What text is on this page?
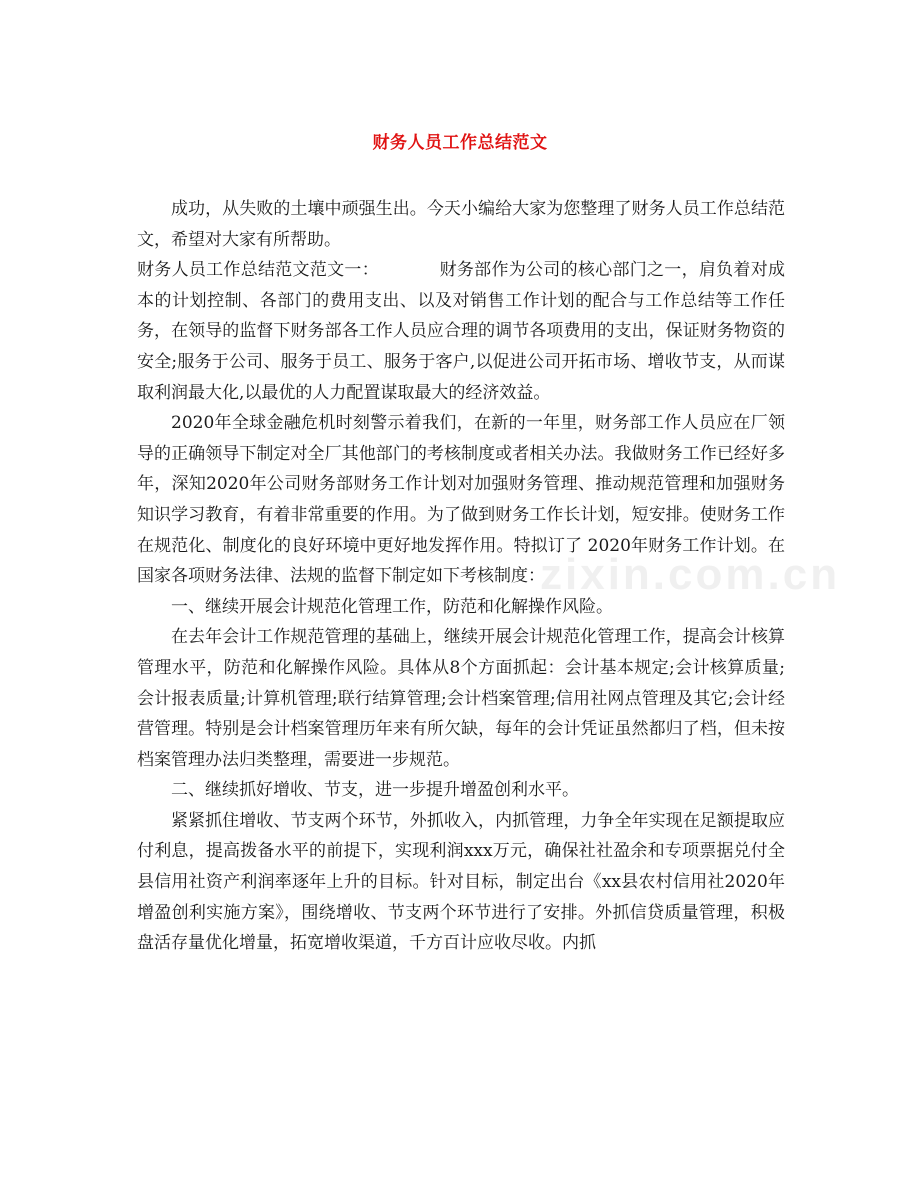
财务人员工作总结范文

成功，从失败的土壤中顽强生出。今天小编给大家为您整理了财务人员工作总结范文，希望对大家有所帮助。

财务人员工作总结范文范文一：　　　　财务部作为公司的核心部门之一，肩负着对成本的计划控制、各部门的费用支出、以及对销售工作计划的配合与工作总结等工作任务，在领导的监督下财务部各工作人员应合理的调节各项费用的支出，保证财务物资的安全;服务于公司、服务于员工、服务于客户,以促进公司开拓市场、增收节支，从而谋取利润最大化,以最优的人力配置谋取最大的经济效益。

2020年全球金融危机时刻警示着我们，在新的一年里，财务部工作人员应在厂领导的正确领导下制定对全厂其他部门的考核制度或者相关办法。我做财务工作已经好多年，深知2020年公司财务部财务工作计划对加强财务管理、推动规范管理和加强财务知识学习教育，有着非常重要的作用。为了做到财务工作长计划，短安排。使财务工作在规范化、制度化的良好环境中更好地发挥作用。特拟订了 2020年财务工作计划。在国家各项财务法律、法规的监督下制定如下考核制度：

一、继续开展会计规范化管理工作，防范和化解操作风险。

在去年会计工作规范管理的基础上，继续开展会计规范化管理工作，提高会计核算管理水平，防范和化解操作风险。具体从8个方面抓起：会计基本规定;会计核算质量;会计报表质量;计算机管理;联行结算管理;会计档案管理;信用社网点管理及其它;会计经营管理。特别是会计档案管理历年来有所欠缺，每年的会计凭证虽然都归了档，但未按档案管理办法归类整理，需要进一步规范。

二、继续抓好增收、节支，进一步提升增盈创利水平。

紧紧抓住增收、节支两个环节，外抓收入，内抓管理，力争全年实现在足额提取应付利息，提高拨备水平的前提下，实现利润xxx万元，确保社社盈余和专项票据兑付全县信用社资产利润率逐年上升的目标。针对目标，制定出台《xx县农村信用社2020年增盈创利实施方案》，围绕增收、节支两个环节进行了安排。外抓信贷质量管理，积极盘活存量优化增量，拓宽增收渠道，千方百计应收尽收。内抓

zixin.com.cn
